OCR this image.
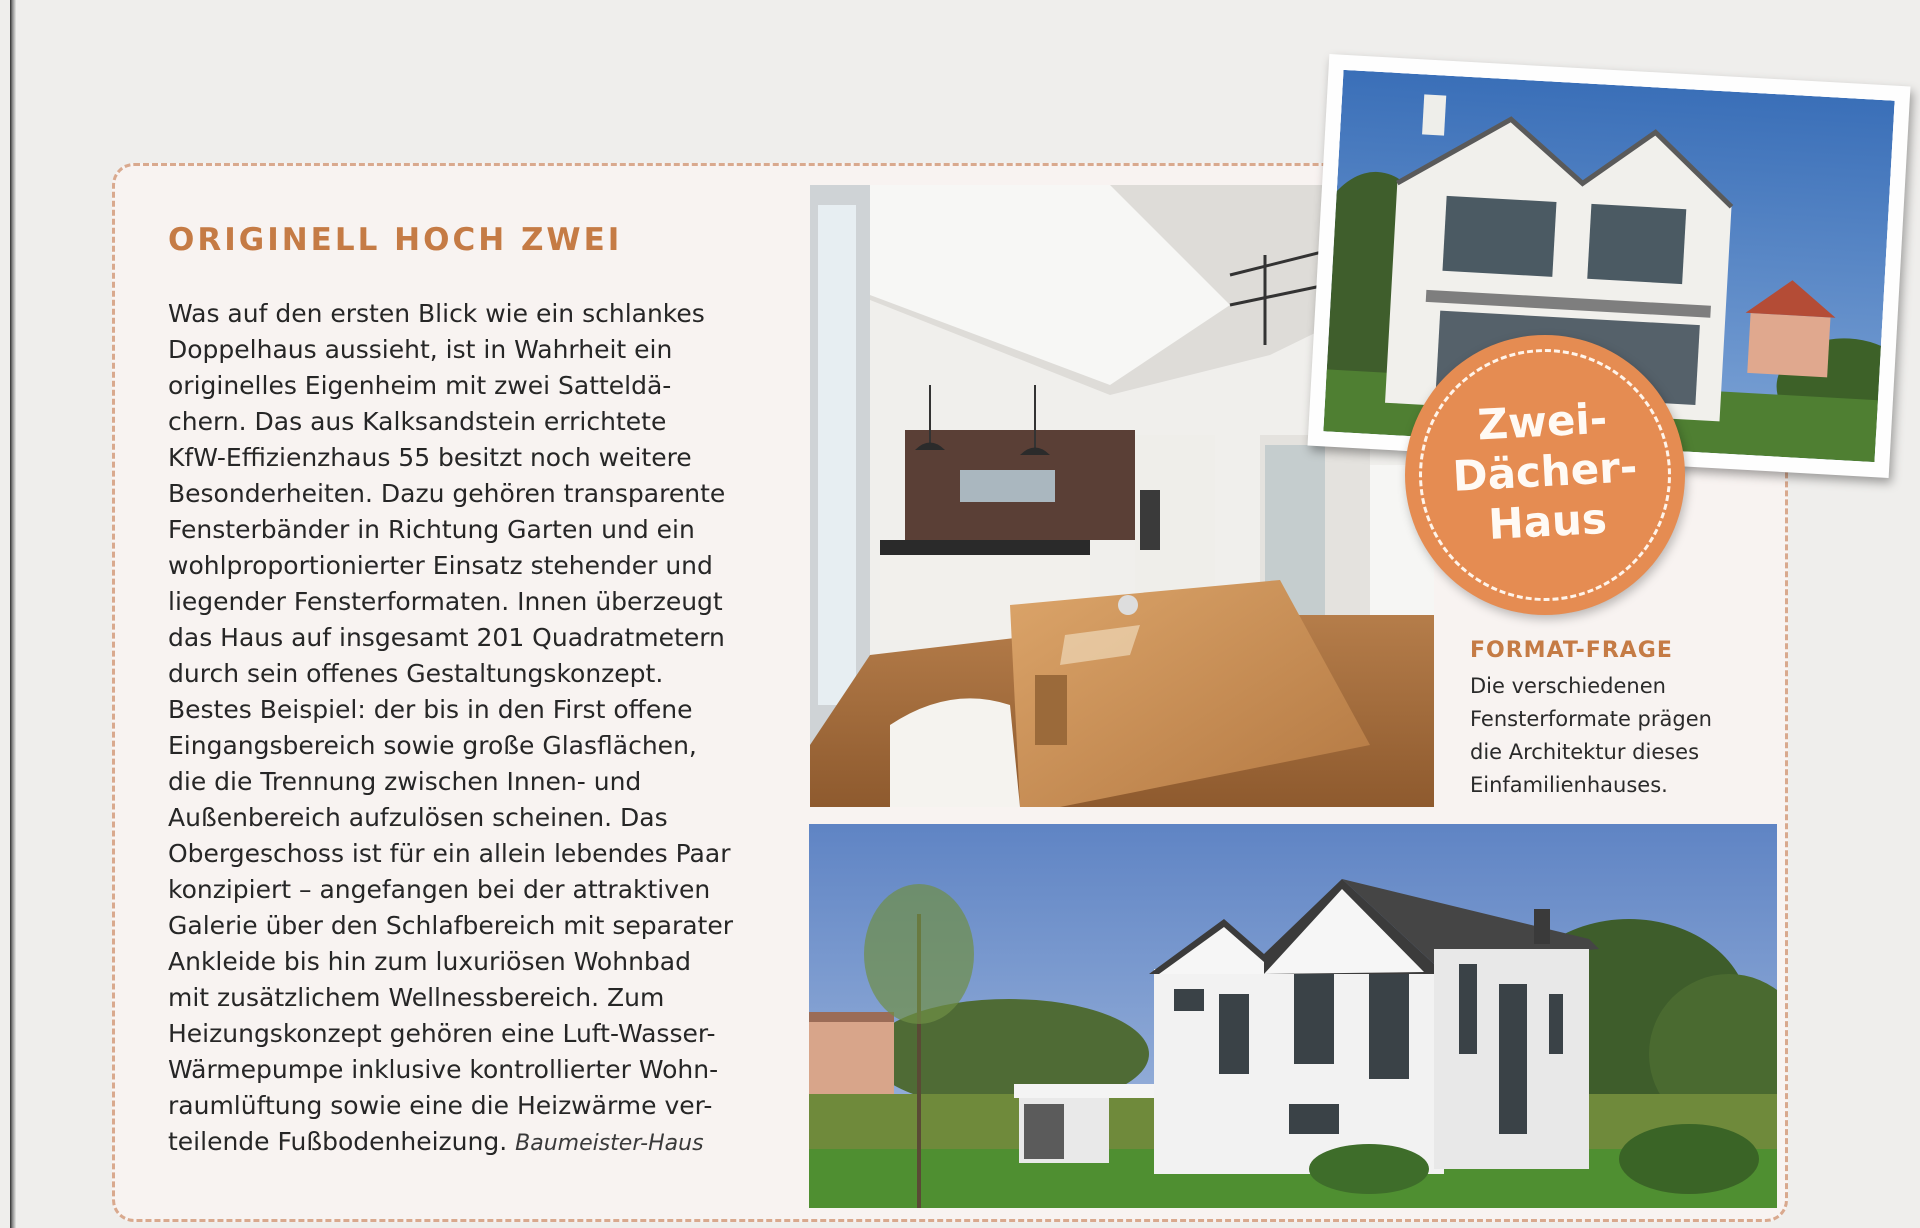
ORIGINELL HOCH ZWEI

Was auf den ersten Blick wie ein schlankes
Doppelhaus aussieht, ist in Wahrheit ein
originelles Eigenheim mit zwei Satteldä-
chern. Das aus Kalksandstein errichtete
KfW-Effizienzhaus 55 besitzt noch weitere
Besonderheiten. Dazu gehören transparente
Fensterbänder in Richtung Garten und ein
wohlproportionierter Einsatz stehender und
liegender Fensterformaten. Innen überzeugt
das Haus auf insgesamt 201 Quadratmetern
durch sein offenes Gestaltungskonzept.
Bestes Beispiel: der bis in den First offene
Eingangsbereich sowie große Glasflächen,
die die Trennung zwischen Innen- und
Außenbereich aufzulösen scheinen. Das
Obergeschoss ist für ein allein lebendes Paar
konzipiert – angefangen bei der attraktiven
Galerie über den Schlafbereich mit separater
Ankleide bis hin zum luxuriösen Wohnbad
mit zusätzlichem Wellnessbereich. Zum
Heizungskonzept gehören eine Luft-Wasser-
Wärmepumpe inklusive kontrollierter Wohn-
raumlüftung sowie eine die Heizwärme ver-
teilende Fußbodenheizung. Baumeister-Haus

Zwei-
Dächer-
Haus
FORMAT-FRAGE

Die verschiedenen
Fensterformate prägen
die Architektur dieses
Einfamilienhauses.
